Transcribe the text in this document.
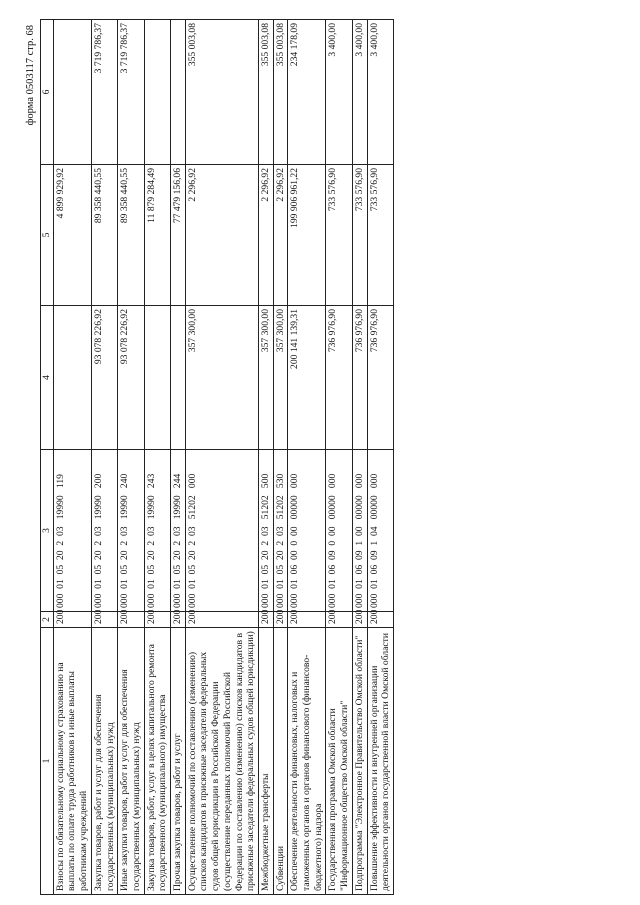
форма 0503117 стр. 68
1	2	3	4	5	6
Взносы по обязательному социальному страхованию на выплаты по оплате труда работников и иные выплаты работникам учреждений	200	000  01  05  20  2  03   19990   119		4 899 929,92	
Закупка товаров, работ и услуг для обеспечения государственных (муниципальных) нужд	200	000  01  05  20  2  03   19990   200	93 078 226,92	89 358 440,55	3 719 786,37
Иные закупки товаров, работ и услуг для обеспечения государственных (муниципальных) нужд	200	000  01  05  20  2  03   19990   240	93 078 226,92	89 358 440,55	3 719 786,37
Закупка товаров, работ, услуг в целях капитального ремонта государственного (муниципального) имущества	200	000  01  05  20  2  03   19990   243		11 879 284,49	
Прочая закупка товаров, работ и услуг	200	000  01  05  20  2  03   19990   244		77 479 156,06	
Осуществление полномочий по составлению (изменению) списков кандидатов в присяжные заседатели федеральных судов общей юрисдикции в Российской Федерации (осуществление переданных полномочий Российской Федерации по составлению (изменению) списков кандидатов в присяжные заседатели федеральных судов общей юрисдикции)	200	000  01  05  20  2  03   51202   000	357 300,00	2 296,92	355 003,08
Межбюджетные трансферты	200	000  01  05  20  2  03   51202   500	357 300,00	2 296,92	355 003,08
Субвенции	200	000  01  05  20  2  03   51202   530	357 300,00	2 296,92	355 003,08
Обеспечение деятельности финансовых, налоговых и таможенных органов и органов финансового (финансово-бюджетного) надзора	200	000  01  06  00  0  00   00000   000	200 141 139,31	199 906 961,22	234 178,09
Государственная программа Омской области "Информационное общество Омской области"	200	000  01  06  09  0  00   00000   000	736 976,90	733 576,90	3 400,00
Подпрограмма "Электронное Правительство Омской области"	200	000  01  06  09  1  00   00000   000	736 976,90	733 576,90	3 400,00
Повышение эффективности и внутренней организации деятельности органов государственной власти Омской области	200	000  01  06  09  1  04   00000   000	736 976,90	733 576,90	3 400,00
